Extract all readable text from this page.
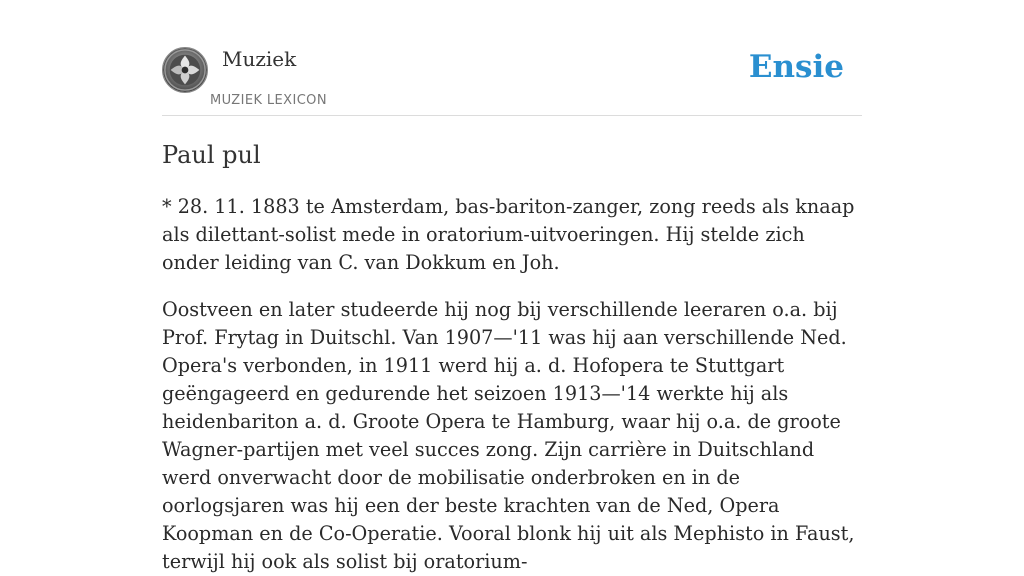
Muziek
MUZIEK LEXICON
Ensie
Paul pul

* 28. 11. 1883 te Amsterdam, bas-bariton-zanger, zong reeds als knaap als dilettant-solist mede in oratorium-uitvoeringen. Hij stelde zich onder leiding van C. van Dokkum en Joh.

Oostveen en later studeerde hij nog bij verschillende leeraren o.a. bij Prof. Frytag in Duitschl. Van 1907—'11 was hij aan verschillende Ned. Opera's verbonden, in 1911 werd hij a. d. Hofopera te Stuttgart geëngageerd en gedurende het seizoen 1913—'14 werkte hij als heidenbariton a. d. Groote Opera te Hamburg, waar hij o.a. de groote Wagner-partijen met veel succes zong. Zijn carrière in Duitschland werd onverwacht door de mobilisatie onderbroken en in de oorlogsjaren was hij een der beste krachten van de Ned, Opera Koopman en de Co-Operatie. Vooral blonk hij uit als Mephisto in Faust, terwijl hij ook als solist bij oratorium-
